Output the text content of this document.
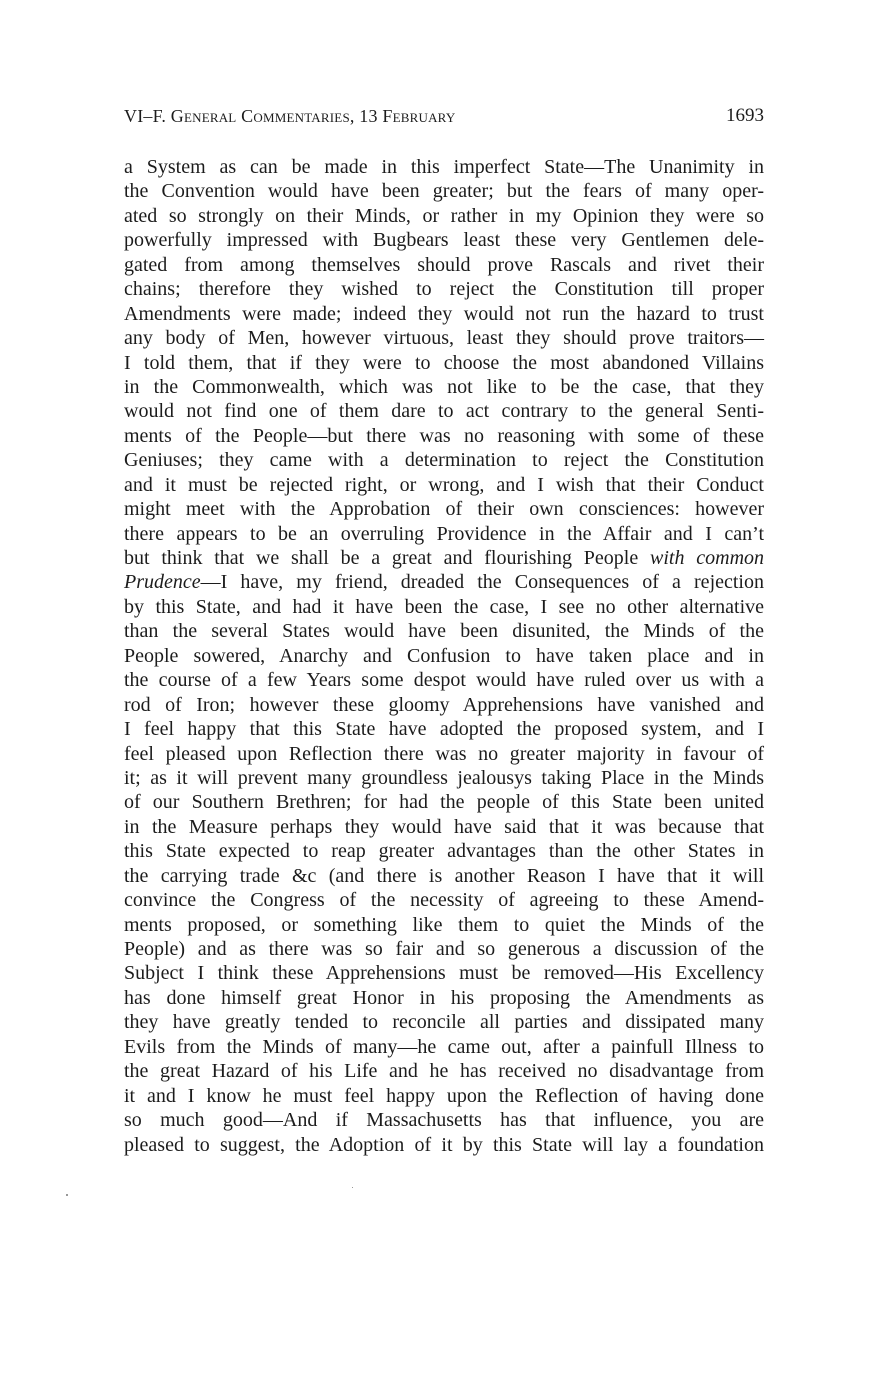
VI–F. General Commentaries, 13 February	1693
a System as can be made in this imperfect State—The Unanimity in
the Convention would have been greater; but the fears of many oper-
ated so strongly on their Minds, or rather in my Opinion they were so
powerfully impressed with Bugbears least these very Gentlemen dele-
gated from among themselves should prove Rascals and rivet their
chains; therefore they wished to reject the Constitution till proper
Amendments were made; indeed they would not run the hazard to trust
any body of Men, however virtuous, least they should prove traitors—
I told them, that if they were to choose the most abandoned Villains
in the Commonwealth, which was not like to be the case, that they
would not find one of them dare to act contrary to the general Senti-
ments of the People—but there was no reasoning with some of these
Geniuses; they came with a determination to reject the Constitution
and it must be rejected right, or wrong, and I wish that their Conduct
might meet with the Approbation of their own consciences: however
there appears to be an overruling Providence in the Affair and I can’t
but think that we shall be a great and flourishing People with common
Prudence—I have, my friend, dreaded the Consequences of a rejection
by this State, and had it have been the case, I see no other alternative
than the several States would have been disunited, the Minds of the
People sowered, Anarchy and Confusion to have taken place and in
the course of a few Years some despot would have ruled over us with a
rod of Iron; however these gloomy Apprehensions have vanished and
I feel happy that this State have adopted the proposed system, and I
feel pleased upon Reflection there was no greater majority in favour of
it; as it will prevent many groundless jealousys taking Place in the Minds
of our Southern Brethren; for had the people of this State been united
in the Measure perhaps they would have said that it was because that
this State expected to reap greater advantages than the other States in
the carrying trade &c (and there is another Reason I have that it will
convince the Congress of the necessity of agreeing to these Amend-
ments proposed, or something like them to quiet the Minds of the
People) and as there was so fair and so generous a discussion of the
Subject I think these Apprehensions must be removed—His Excellency
has done himself great Honor in his proposing the Amendments as
they have greatly tended to reconcile all parties and dissipated many
Evils from the Minds of many—he came out, after a painfull Illness to
the great Hazard of his Life and he has received no disadvantage from
it and I know he must feel happy upon the Reflection of having done
so much good—And if Massachusetts has that influence, you are
pleased to suggest, the Adoption of it by this State will lay a foundation
